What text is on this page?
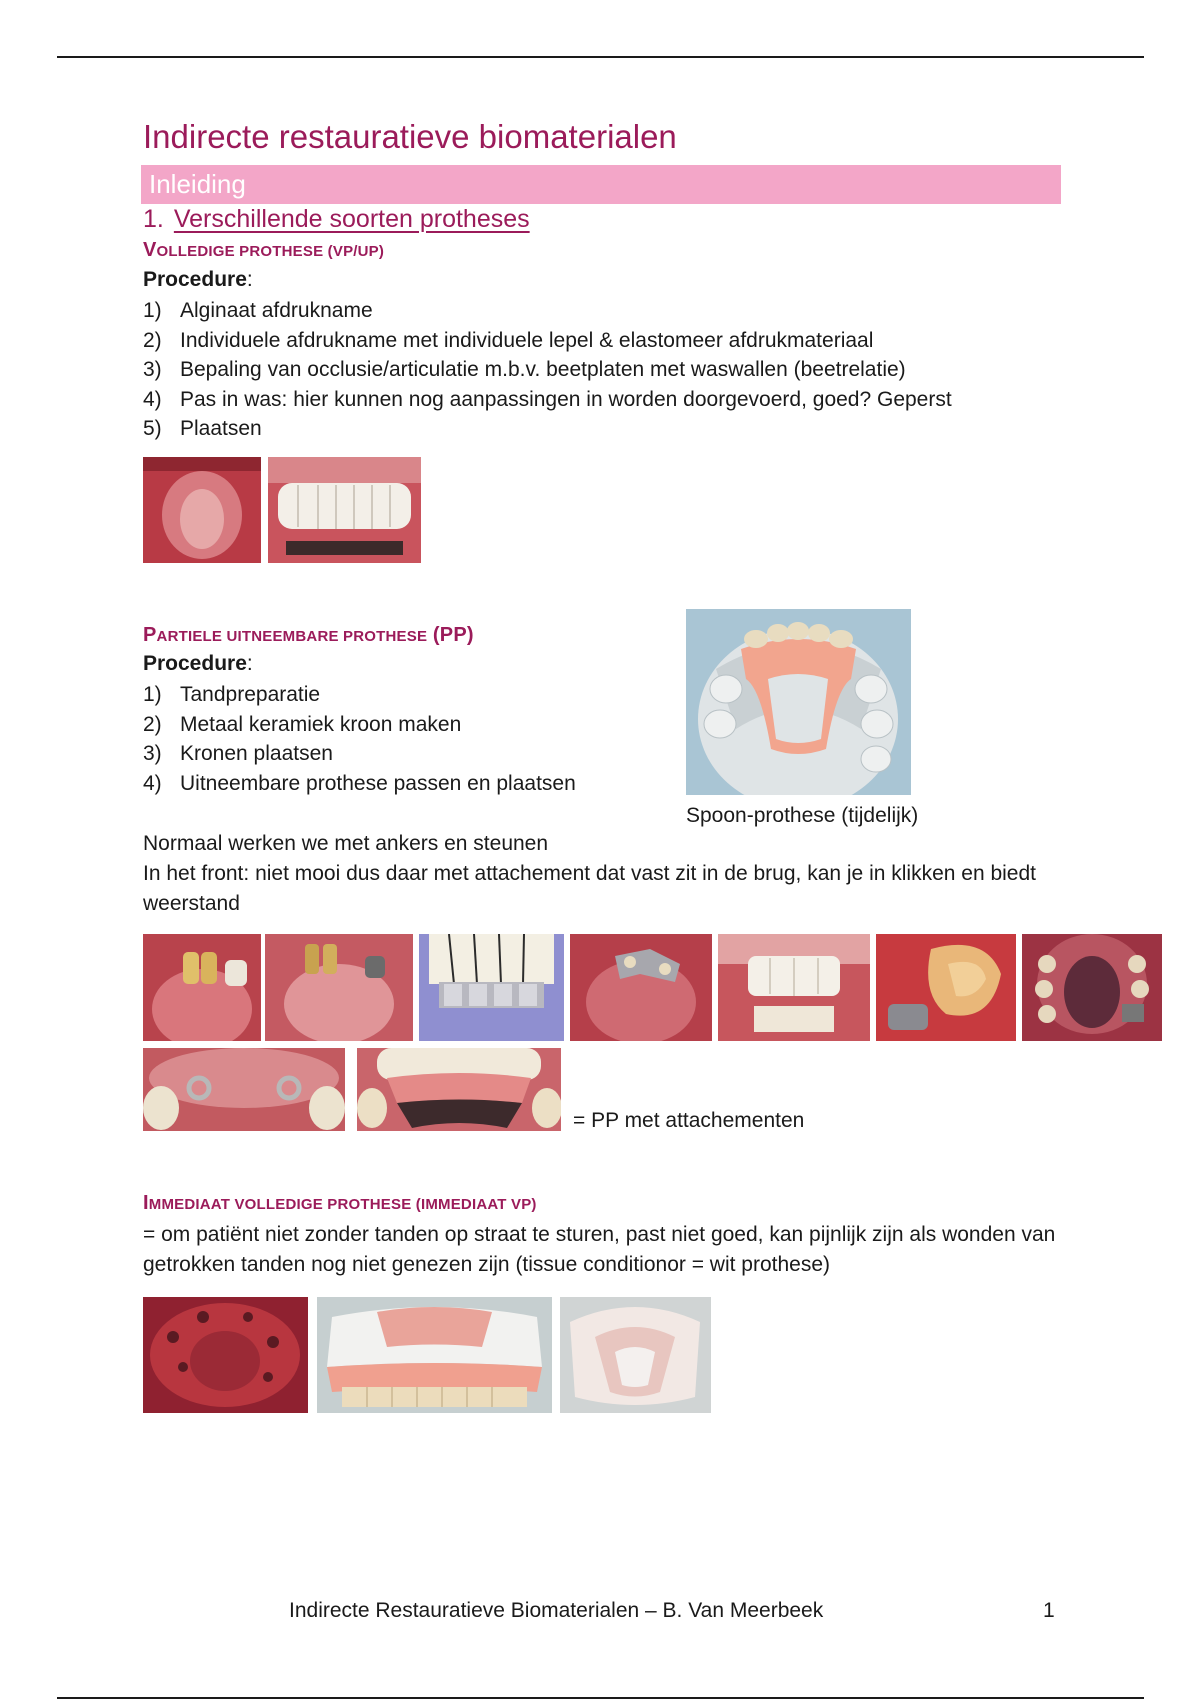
Indirecte restauratieve biomaterialen
Inleiding
1. Verschillende soorten protheses
VOLLEDIGE PROTHESE (VP/UP)
Procedure:
1) Alginaat afdrukname
2) Individuele afdrukname met individuele lepel & elastomeer afdrukmateriaal
3) Bepaling van occlusie/articulatie m.b.v. beetplaten met waswallen (beetrelatie)
4) Pas in was: hier kunnen nog aanpassingen in worden doorgevoerd, goed? Geperst
5) Plaatsen
PARTIELE UITNEEMBARE PROTHESE (PP)
Procedure:
1) Tandpreparatie
2) Metaal keramiek kroon maken
3) Kronen plaatsen
4) Uitneembare prothese passen en plaatsen
Spoon-prothese (tijdelijk)
Normaal werken we met ankers en steunen
In het front: niet mooi dus daar met attachement dat vast zit in de brug, kan je in klikken en biedt weerstand
= PP met attachementen
IMMEDIAAT VOLLEDIGE PROTHESE (IMMEDIAAT VP)
= om patiënt niet zonder tanden op straat te sturen, past niet goed, kan pijnlijk zijn als wonden van getrokken tanden nog niet genezen zijn (tissue conditionor = wit prothese)
Indirecte Restauratieve Biomaterialen – B. Van Meerbeek	1
